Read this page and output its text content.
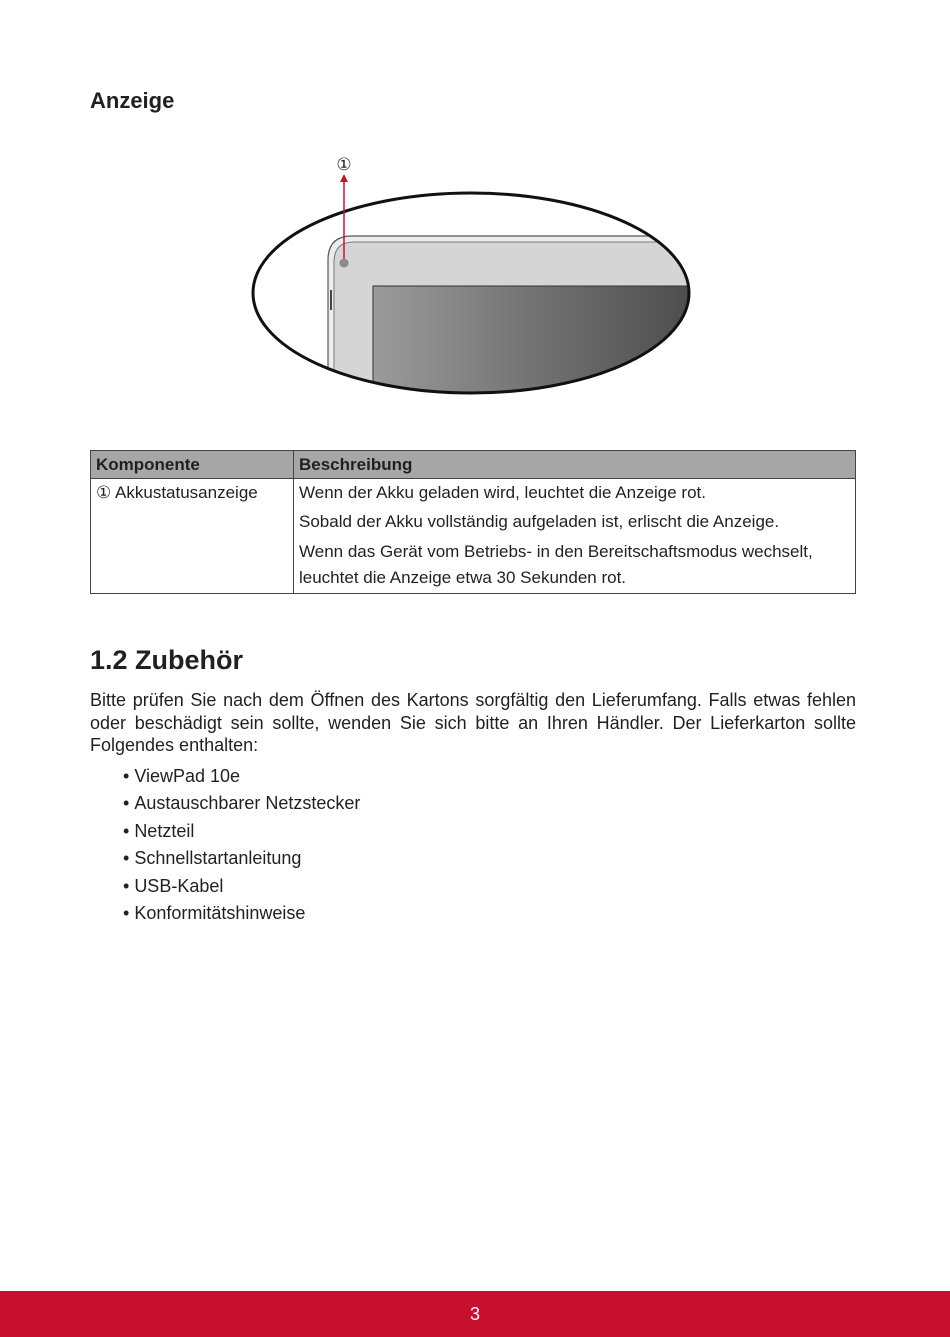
Anzeige
①
Komponente	Beschreibung
① Akkustatusanzeige	Wenn der Akku geladen wird, leuchtet die Anzeige rot.
Sobald der Akku vollständig aufgeladen ist, erlischt die Anzeige.
Wenn das Gerät vom Betriebs- in den Bereitschaftsmodus wechselt, leuchtet die Anzeige etwa 30 Sekunden rot.
1.2 Zubehör

Bitte prüfen Sie nach dem Öffnen des Kartons sorgfältig den Lieferumfang. Falls etwas fehlen oder beschädigt sein sollte, wenden Sie sich bitte an Ihren Händler. Der Lieferkarton sollte Folgendes enthalten:

• ViewPad 10e
• Austauschbarer Netzstecker
• Netzteil
• Schnellstartanleitung
• USB-Kabel
• Konformitätshinweise
3
